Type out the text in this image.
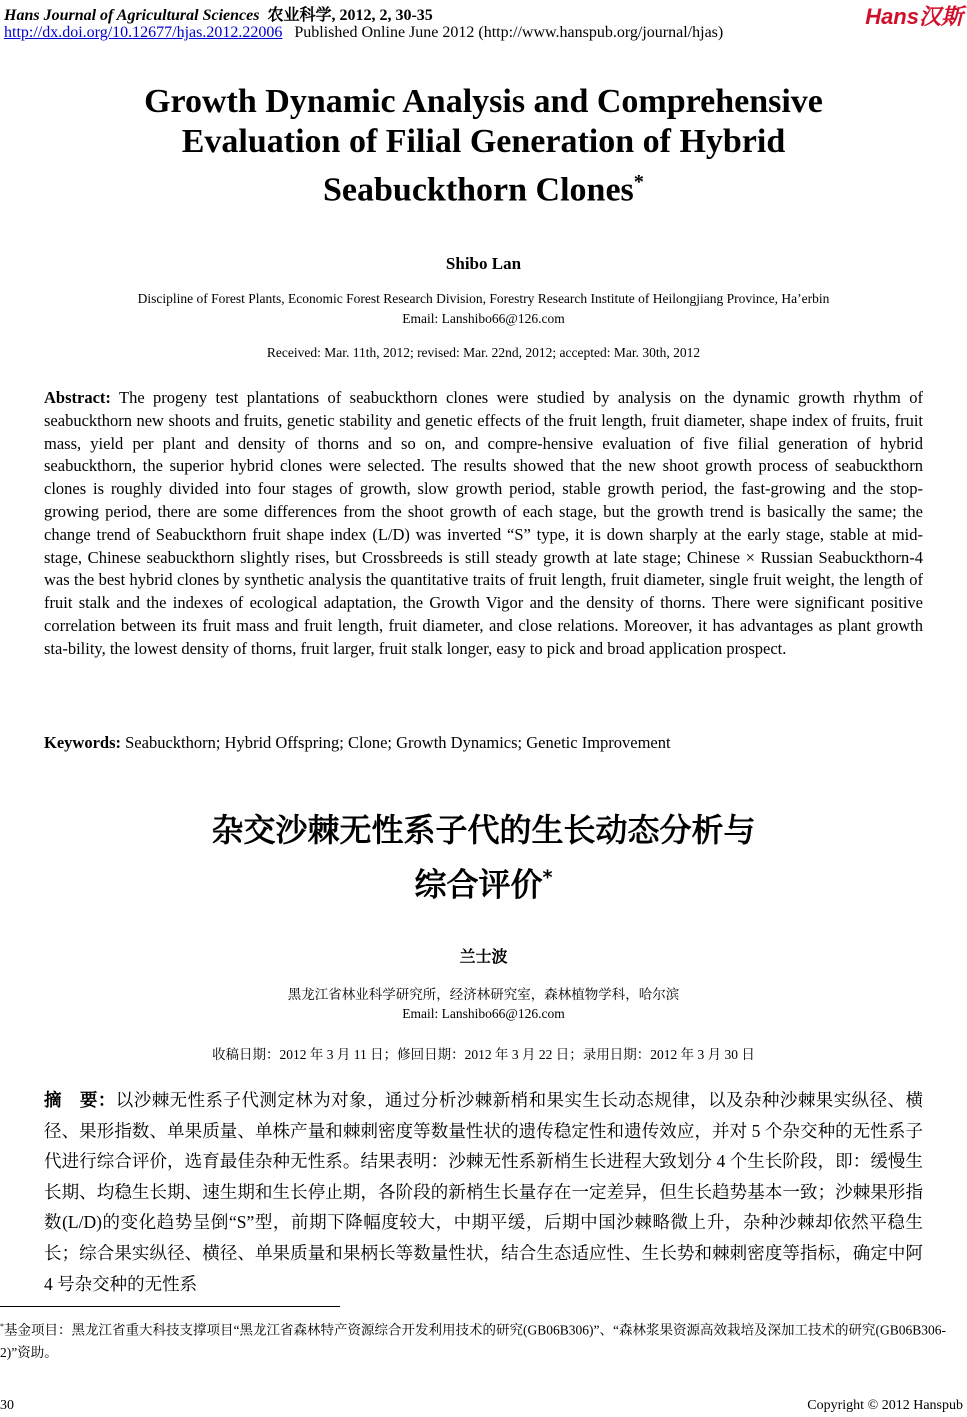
Hans Journal of Agricultural Sciences 农业科学, 2012, 2, 30-35
http://dx.doi.org/10.12677/hjas.2012.22006 Published Online June 2012 (http://www.hanspub.org/journal/hjas)
Hans汉斯
Growth Dynamic Analysis and Comprehensive
Evaluation of Filial Generation of Hybrid
Seabuckthorn Clones*
Shibo Lan
Discipline of Forest Plants, Economic Forest Research Division, Forestry Research Institute of Heilongjiang Province, Ha’erbin
Email: Lanshibo66@126.com
Received: Mar. 11th, 2012; revised: Mar. 22nd, 2012; accepted: Mar. 30th, 2012
Abstract: The progeny test plantations of seabuckthorn clones were studied by analysis on the dynamic growth rhythm of seabuckthorn new shoots and fruits, genetic stability and genetic effects of the fruit length, fruit diameter, shape index of fruits, fruit mass, yield per plant and density of thorns and so on, and compre-hensive evaluation of five filial generation of hybrid seabuckthorn, the superior hybrid clones were selected. The results showed that the new shoot growth process of seabuckthorn clones is roughly divided into four stages of growth, slow growth period, stable growth period, the fast-growing and the stop-growing period, there are some differences from the shoot growth of each stage, but the growth trend is basically the same; the change trend of Seabuckthorn fruit shape index (L/D) was inverted “S” type, it is down sharply at the early stage, stable at mid-stage, Chinese seabuckthorn slightly rises, but Crossbreeds is still steady growth at late stage; Chinese × Russian Seabuckthorn-4 was the best hybrid clones by synthetic analysis the quantitative traits of fruit length, fruit diameter, single fruit weight, the length of fruit stalk and the indexes of ecological adaptation, the Growth Vigor and the density of thorns. There were significant positive correlation between its fruit mass and fruit length, fruit diameter, and close relations. Moreover, it has advantages as plant growth sta-bility, the lowest density of thorns, fruit larger, fruit stalk longer, easy to pick and broad application prospect.
Keywords: Seabuckthorn; Hybrid Offspring; Clone; Growth Dynamics; Genetic Improvement
杂交沙棘无性系子代的生长动态分析与
综合评价*
兰士波
黑龙江省林业科学研究所，经济林研究室，森林植物学科，哈尔滨
Email: Lanshibo66@126.com
收稿日期：2012 年 3 月 11 日；修回日期：2012 年 3 月 22 日；录用日期：2012 年 3 月 30 日
摘　要：以沙棘无性系子代测定林为对象，通过分析沙棘新梢和果实生长动态规律，以及杂种沙棘果实纵径、横径、果形指数、单果质量、单株产量和棘刺密度等数量性状的遗传稳定性和遗传效应，并对 5 个杂交种的无性系子代进行综合评价，选育最佳杂种无性系。结果表明：沙棘无性系新梢生长进程大致划分 4 个生长阶段，即：缓慢生长期、均稳生长期、速生期和生长停止期，各阶段的新梢生长量存在一定差异，但生长趋势基本一致；沙棘果形指数(L/D)的变化趋势呈倒“S”型，前期下降幅度较大，中期平缓，后期中国沙棘略微上升，杂种沙棘却依然平稳生长；综合果实纵径、横径、单果质量和果柄长等数量性状，结合生态适应性、生长势和棘刺密度等指标，确定中阿 4 号杂交种的无性系
*基金项目：黑龙江省重大科技支撑项目“黑龙江省森林特产资源综合开发利用技术的研究(GB06B306)”、“森林浆果资源高效栽培及深加工技术的研究(GB06B306-2)”资助。
30	Copyright © 2012 Hanspub
